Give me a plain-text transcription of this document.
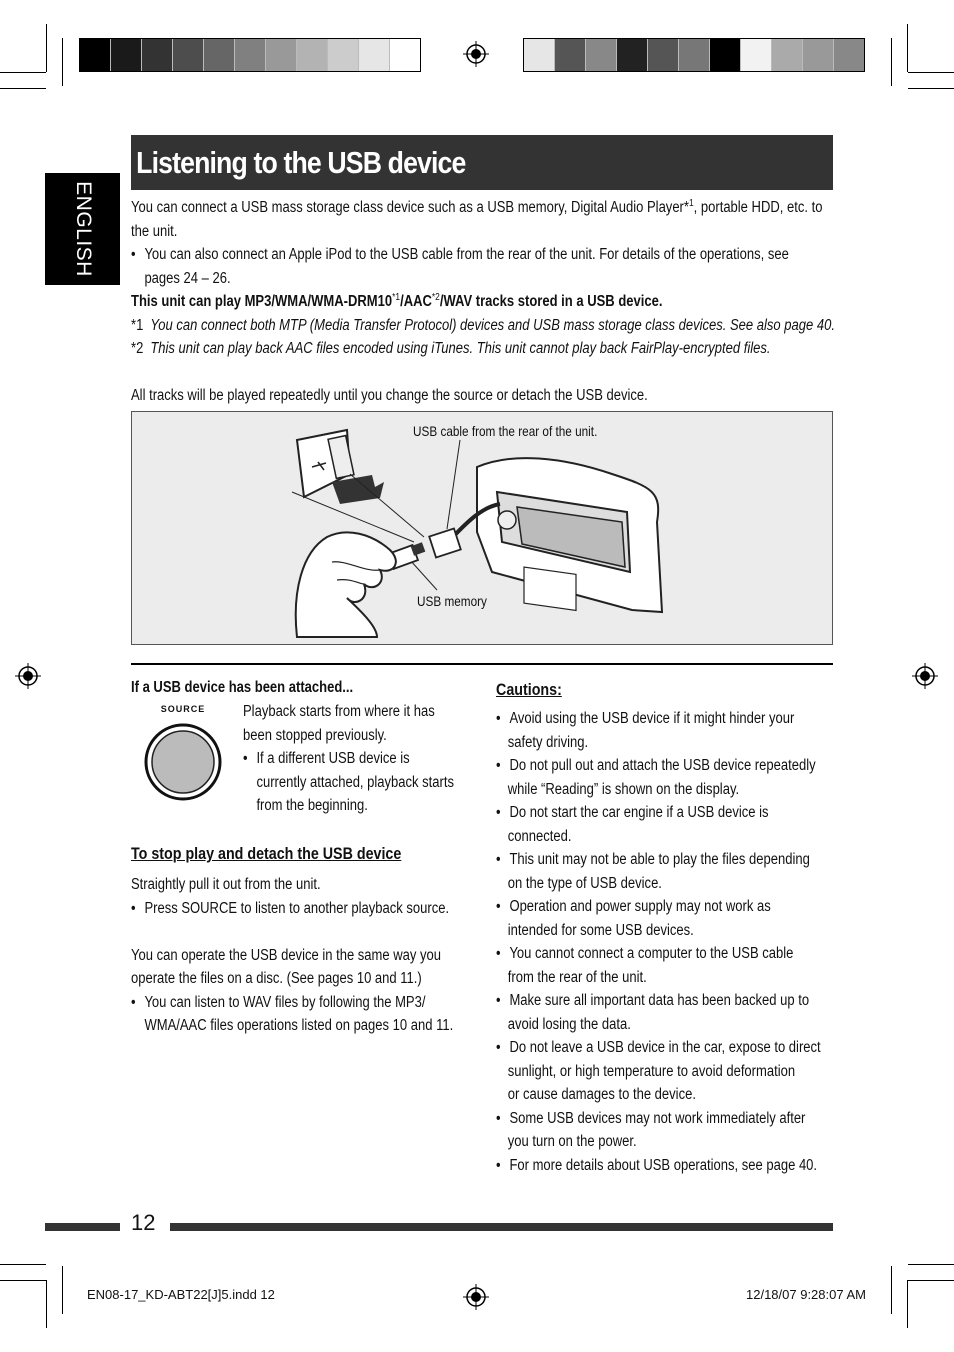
ENGLISH
Listening to the USB device
You can connect a USB mass storage class device such as a USB memory, Digital Audio Player*$^1$, portable HDD, etc. to
the unit.
• You can also connect an Apple iPod to the USB cable from the rear of the unit. For details of the operations, see
pages 24 – 26.
This unit can play MP3/WMA/WMA-DRM10$^{*1}$/AAC$^{*2}$/WAV tracks stored in a USB device.
*1 You can connect both MTP (Media Transfer Protocol) devices and USB mass storage class devices. See also page 40.
*2 This unit can play back AAC files encoded using iTunes. This unit cannot play back FairPlay-encrypted files.
All tracks will be played repeatedly until you change the source or detach the USB device.
USB cable from the rear of the unit.
USB memory
If a USB device has been attached...
SOURCE	Playback starts from where it has
been stopped previously.
• If a different USB device is
currently attached, playback starts
from the beginning.
To stop play and detach the USB device
Straightly pull it out from the unit.
• Press SOURCE to listen to another playback source.
You can operate the USB device in the same way you
operate the files on a disc. (See pages 10 and 11.)
• You can listen to WAV files by following the MP3/
WMA/AAC files operations listed on pages 10 and 11.
Cautions:
• Avoid using the USB device if it might hinder your
safety driving.
• Do not pull out and attach the USB device repeatedly
while “Reading” is shown on the display.
• Do not start the car engine if a USB device is
connected.
• This unit may not be able to play the files depending
on the type of USB device.
• Operation and power supply may not work as
intended for some USB devices.
• You cannot connect a computer to the USB cable
from the rear of the unit.
• Make sure all important data has been backed up to
avoid losing the data.
• Do not leave a USB device in the car, expose to direct
sunlight, or high temperature to avoid deformation
or cause damages to the device.
• Some USB devices may not work immediately after
you turn on the power.
• For more details about USB operations, see page 40.
12
EN08-17_KD-ABT22[J]5.indd 12	12/18/07 9:28:07 AM
